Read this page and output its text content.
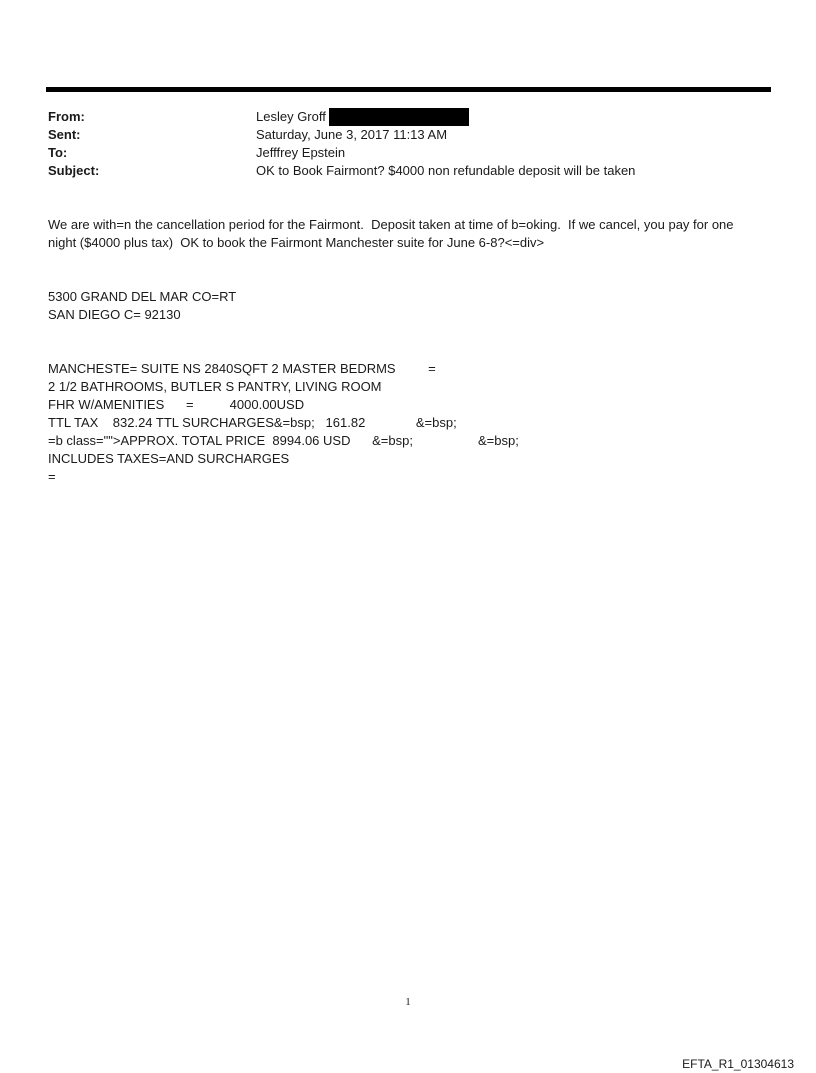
From:	Lesley Groff
Sent:	Saturday, June 3, 2017 11:13 AM
To:	Jefffrey Epstein
Subject:	OK to Book Fairmont? $4000 non refundable deposit will be taken
We are with=n the cancellation period for the Fairmont.  Deposit taken at time of b=oking.  If we cancel, you pay for one
night ($4000 plus tax)  OK to book the Fairmont Manchester suite for June 6-8?<=div>
5300 GRAND DEL MAR CO=RT
SAN DIEGO C= 92130
MANCHESTE= SUITE NS 2840SQFT 2 MASTER BEDRMS         =
2 1/2 BATHROOMS, BUTLER S PANTRY, LIVING ROOM
FHR W/AMENITIES      =          4000.00USD
TTL TAX    832.24 TTL SURCHARGES&=bsp;   161.82              &=bsp;
=b class="">APPROX. TOTAL PRICE  8994.06 USD      &=bsp;                  &=bsp;
INCLUDES TAXES=AND SURCHARGES
=
1
EFTA_R1_01304613
